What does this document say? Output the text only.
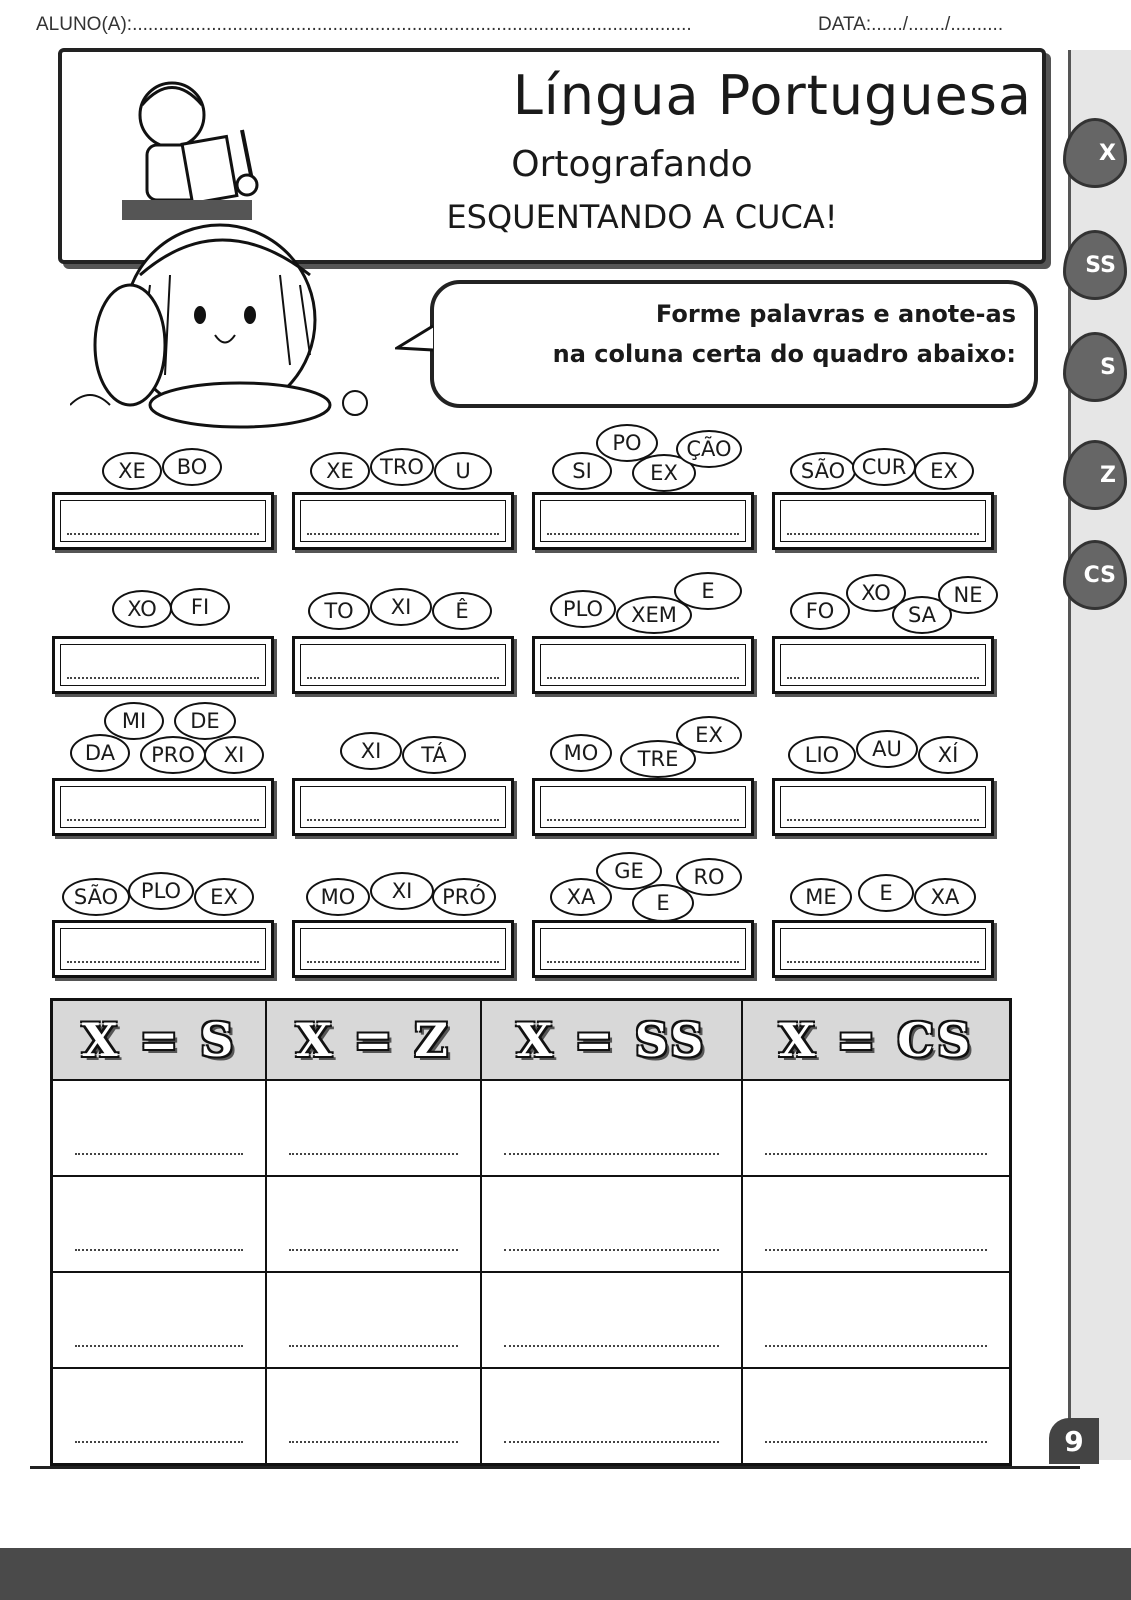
ALUNO(A):..........................................................................................................	DATA:....../......./..........
X
SS
S
Z
CS
Língua Portuguesa
Ortografando
ESQUENTANDO A CUCA!
Forme palavras e anote-as
na coluna certa do quadro abaixo:
XE	BO	XE	TRO	U	SI
PO
EX
ÇÃO
SÃO CUR	EX
XO	FI	TO	XI	Ê	PLO	XEM
E
FO
XO
SA
NE
MI	DE
DA	PRO	XI	XI	TÁ	MO	TRE
EX
LIO	AU	XÍ
SÃO	PLO	EX	MO	XI	PRÓ	XA
GE
E
RO
ME	E	XA
X = S	X = Z	X = SS	X = CS

9
